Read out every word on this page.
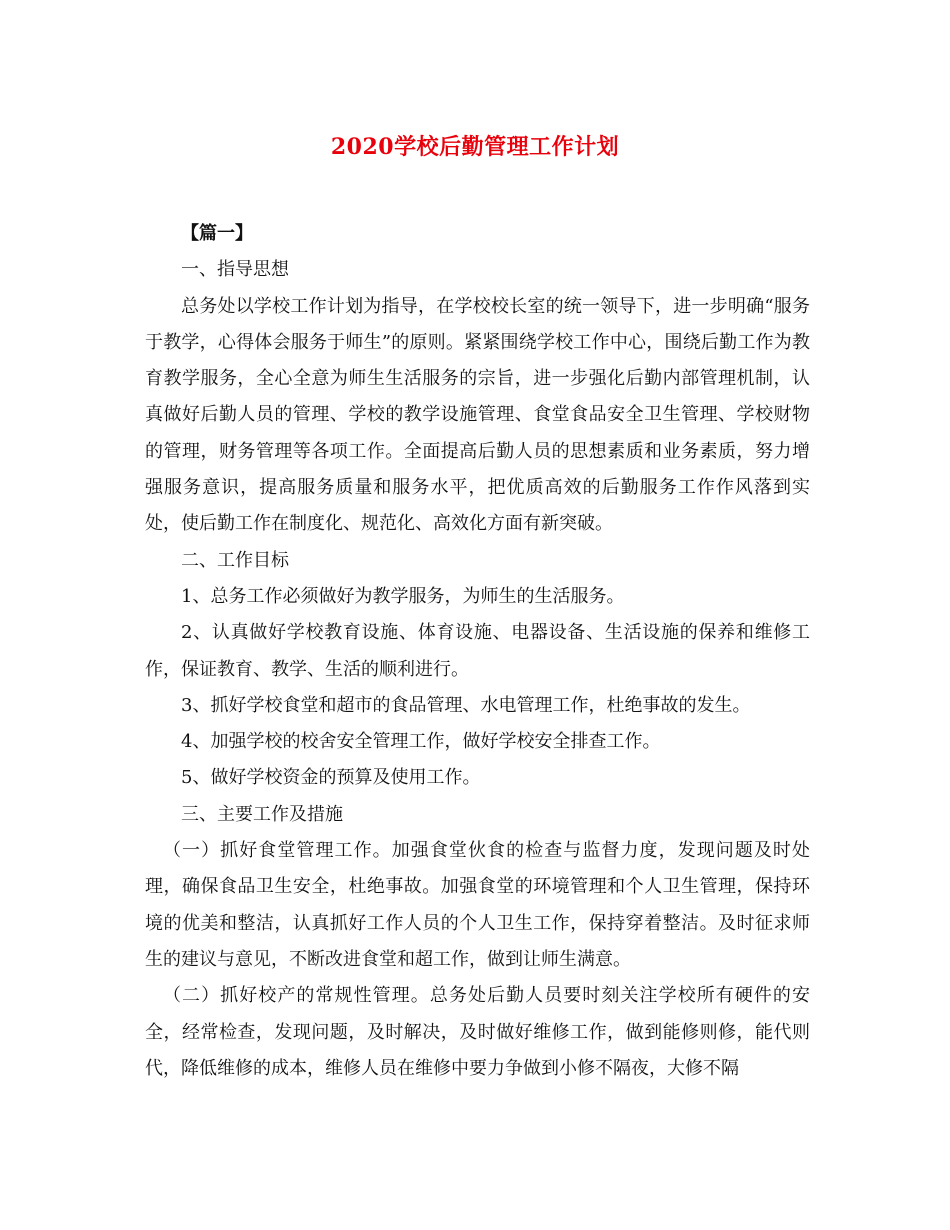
2020学校后勤管理工作计划

【篇一】

一、指导思想

总务处以学校工作计划为指导，在学校校长室的统一领导下，进一步明确“服务于教学，心得体会服务于师生”的原则。紧紧围绕学校工作中心，围绕后勤工作为教育教学服务，全心全意为师生生活服务的宗旨，进一步强化后勤内部管理机制，认真做好后勤人员的管理、学校的教学设施管理、食堂食品安全卫生管理、学校财物的管理，财务管理等各项工作。全面提高后勤人员的思想素质和业务素质，努力增强服务意识，提高服务质量和服务水平，把优质高效的后勤服务工作作风落到实处，使后勤工作在制度化、规范化、高效化方面有新突破。

二、工作目标

1、总务工作必须做好为教学服务，为师生的生活服务。

2、认真做好学校教育设施、体育设施、电器设备、生活设施的保养和维修工作，保证教育、教学、生活的顺利进行。

3、抓好学校食堂和超市的食品管理、水电管理工作，杜绝事故的发生。

4、加强学校的校舍安全管理工作，做好学校安全排查工作。

5、做好学校资金的预算及使用工作。

三、主要工作及措施

（一）抓好食堂管理工作。加强食堂伙食的检查与监督力度，发现问题及时处理，确保食品卫生安全，杜绝事故。加强食堂的环境管理和个人卫生管理，保持环境的优美和整洁，认真抓好工作人员的个人卫生工作，保持穿着整洁。及时征求师生的建议与意见，不断改进食堂和超工作，做到让师生满意。

（二）抓好校产的常规性管理。总务处后勤人员要时刻关注学校所有硬件的安全，经常检查，发现问题，及时解决，及时做好维修工作，做到能修则修，能代则代，降低维修的成本，维修人员在维修中要力争做到小修不隔夜，大修不隔
